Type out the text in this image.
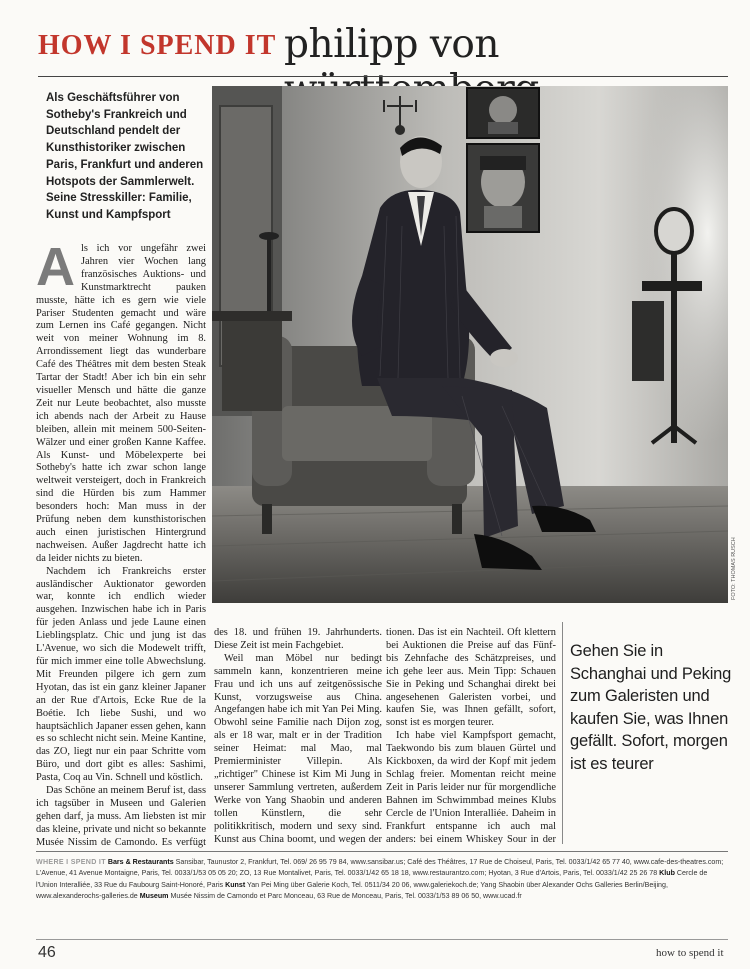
HOW I SPEND IT philipp von
Als Geschäftsführer von Sotheby's Frankreich und Deutschland pendelt der Kunsthistoriker zwischen Paris, Frankfurt und anderen Hotspots der Sammlerwelt. Seine Stresskiller: Familie, Kunst und Kampfsport
FOTO: THOMAS RUSCH
A ls ich vor ungefähr zwei Jahren vier Wochen lang französisches Auktions- und Kunstmarktrecht pauken musste, hätte ich es gern wie viele Pariser Studenten gemacht und wäre zum Lernen ins Café gegangen. Nicht weit von meiner Wohnung im 8. Arrondissement liegt das wunderbare Café des Théâtres mit dem besten Steak Tartar der Stadt! Aber ich bin ein sehr visueller Mensch und hätte die ganze Zeit nur Leute beobachtet, also musste ich abends nach der Arbeit zu Hause bleiben, allein mit meinem 500-Seiten-Wälzer und einer großen Kanne Kaffee. Als Kunst- und Möbelexperte bei Sotheby's hatte ich zwar schon lange weltweit versteigert, doch in Frankreich sind die Hürden bis zum Hammer besonders hoch: Man muss in der Prüfung neben dem kunsthistorischen auch einen juristischen Hintergrund nachweisen. Außer Jagdrecht hatte ich da leider nichts zu bieten.

Nachdem ich Frankreichs erster ausländischer Auktionator geworden war, konnte ich endlich wieder ausgehen. Inzwischen habe ich in Paris für jeden Anlass und jede Laune einen Lieblingsplatz. Chic und jung ist das L'Avenue, wo sich die Modewelt trifft, für mich immer eine tolle Abwechslung. Mit Freunden pilgere ich gern zum Hyotan, das ist ein ganz kleiner Japaner an der Rue d'Artois, Ecke Rue de la Boétie. Ich liebe Sushi, und wo hauptsächlich Japaner essen gehen, kann es so schlecht nicht sein. Meine Kantine, das ZO, liegt nur ein paar Schritte vom Büro, und dort gibt es alles: Sashimi, Pasta, Coq au Vin. Schnell und köstlich.

Das Schöne an meinem Beruf ist, dass ich tagsüber in Museen und Galerien gehen darf, ja muss. Am liebsten ist mir das kleine, private und nicht so bekannte Musée Nissim de Camondo. Es verfügt

des 18. und frühen 19. Jahrhunderts. Diese Zeit ist mein Fachgebiet.

Weil man Möbel nur bedingt sammeln kann, konzentrieren meine Frau und ich uns auf zeitgenössische Kunst, vorzugsweise aus China. Angefangen habe ich mit Yan Pei Ming. Obwohl seine Familie nach Dijon zog, als er 18 war, malt er in der Tradition seiner Heimat: mal Mao, mal Premierminister Villepin. Als „richtiger" Chinese ist Kim Mi Jung in unserer Sammlung vertreten, außerdem Werke von Yang Shaobin und anderen tollen Künstlern, die sehr politikkritisch, modern und sexy sind. Kunst aus China boomt, und wegen der

tionen. Das ist ein Nachteil. Oft klettern bei Auktionen die Preise auf das Fünf- bis Zehnfache des Schätzpreises, und ich gehe leer aus. Mein Tipp: Schauen Sie in Peking und Schanghai direkt bei angesehenen Galeristen vorbei, und kaufen Sie, was Ihnen gefällt, sofort, sonst ist es morgen teurer.

Ich habe viel Kampfsport gemacht, Taekwondo bis zum blauen Gürtel und Kickboxen, da wird der Kopf mit jedem Schlag freier. Momentan reicht meine Zeit in Paris leider nur für morgendliche Bahnen im Schwimmbad meines Klubs Cercle de l'Union Interalliée. Daheim in Frankfurt entspanne ich auch mal anders: bei einem Whiskey Sour in der

Gehen Sie in Schanghai und Peking zum Galeristen und kaufen Sie, was Ihnen gefällt. Sofort, morgen ist es teurer
WHERE I SPEND IT Bars & Restaurants Sansibar, Taunustor 2, Frankfurt, Tel. 069/ 26 95 79 84, www.sansibar.us; Café des Théâtres, 17 Rue de Choiseul, Paris, Tel. 0033/1/42 65 77 40, www.cafe-des-theatres.com; L'Avenue, 41 Avenue Montaigne, Paris, Tel. 0033/1/53 05 05 20; ZO, 13 Rue Montalivet, Paris, Tel. 0033/1/42 65 18 18, www.restaurantzo.com; Hyotan, 3 Rue d'Artois, Paris, Tel. 0033/1/42 25 26 78 Klub Cercle de l'Union Interalliée, 33 Rue du Faubourg Saint-Honoré, Paris Kunst Yan Pei Ming über Galerie Koch, Tel. 0511/34 20 06, www.galeriekoch.de; Yang Shaobin über Alexander Ochs Galleries Berlin/Beijing, www.alexanderochs-galleries.de Museum Musée Nissim de Camondo et Parc Monceau, 63 Rue de Monceau, Paris, Tel. 0033/1/53 89 06 50, www.ucad.fr
46	how to spend it
